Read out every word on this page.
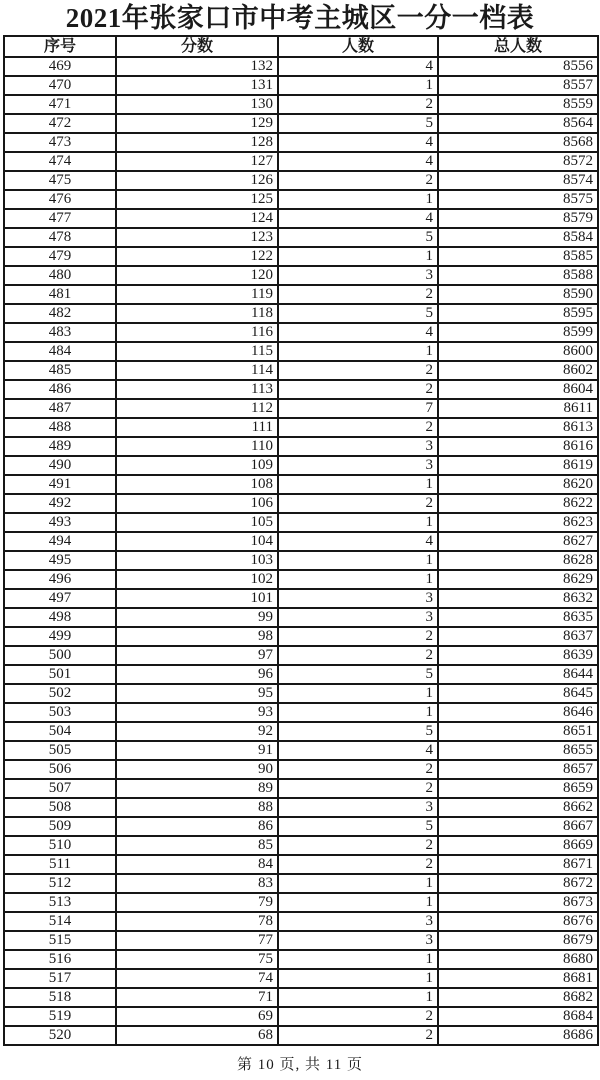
2021年张家口市中考主城区一分一档表
序号	分数	人数	总人数
469	132	4	8556
470	131	1	8557
471	130	2	8559
472	129	5	8564
473	128	4	8568
474	127	4	8572
475	126	2	8574
476	125	1	8575
477	124	4	8579
478	123	5	8584
479	122	1	8585
480	120	3	8588
481	119	2	8590
482	118	5	8595
483	116	4	8599
484	115	1	8600
485	114	2	8602
486	113	2	8604
487	112	7	8611
488	111	2	8613
489	110	3	8616
490	109	3	8619
491	108	1	8620
492	106	2	8622
493	105	1	8623
494	104	4	8627
495	103	1	8628
496	102	1	8629
497	101	3	8632
498	99	3	8635
499	98	2	8637
500	97	2	8639
501	96	5	8644
502	95	1	8645
503	93	1	8646
504	92	5	8651
505	91	4	8655
506	90	2	8657
507	89	2	8659
508	88	3	8662
509	86	5	8667
510	85	2	8669
511	84	2	8671
512	83	1	8672
513	79	1	8673
514	78	3	8676
515	77	3	8679
516	75	1	8680
517	74	1	8681
518	71	1	8682
519	69	2	8684
520	68	2	8686
第 10 页, 共 11 页
